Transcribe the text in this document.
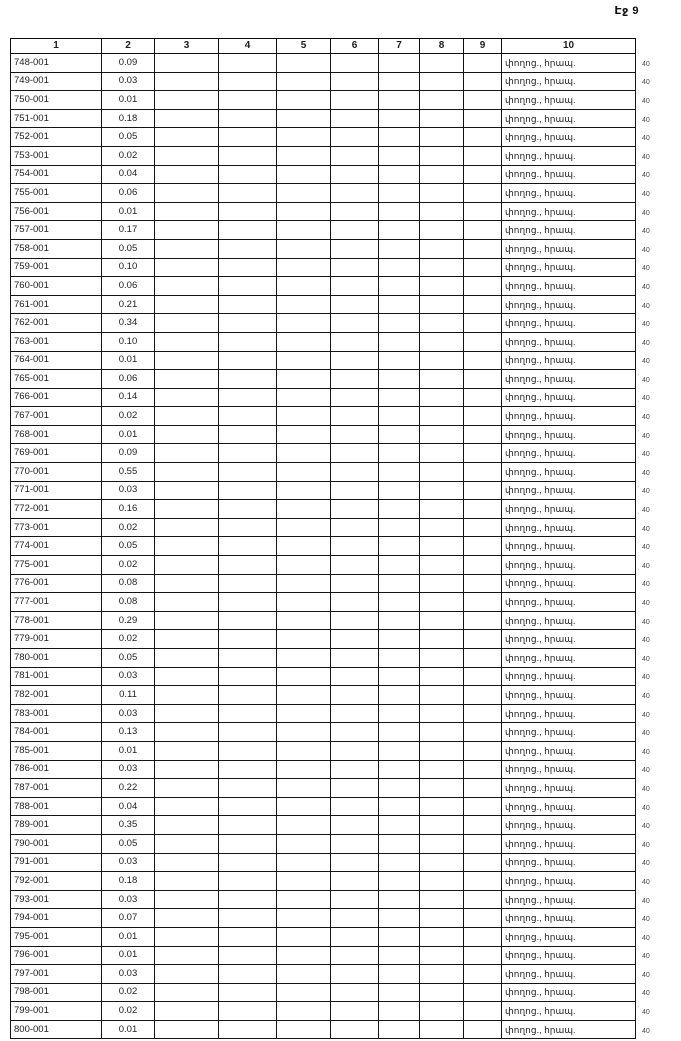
Էջ 9
1	2	3	4	5	6	7	8	9	10	
748-001	0.09								փողոց., հրապ.	40
749-001	0.03								փողոց., հրապ.	40
750-001	0.01								փողոց., հրապ.	40
751-001	0.18								փողոց., հրապ.	40
752-001	0.05								փողոց., հրապ.	40
753-001	0.02								փողոց., հրապ.	40
754-001	0.04								փողոց., հրապ.	40
755-001	0.06								փողոց., հրապ.	40
756-001	0.01								փողոց., հրապ.	40
757-001	0.17								փողոց., հրապ.	40
758-001	0.05								փողոց., հրապ.	40
759-001	0.10								փողոց., հրապ.	40
760-001	0.06								փողոց., հրապ.	40
761-001	0.21								փողոց., հրապ.	40
762-001	0.34								փողոց., հրապ.	40
763-001	0.10								փողոց., հրապ.	40
764-001	0.01								փողոց., հրապ.	40
765-001	0.06								փողոց., հրապ.	40
766-001	0.14								փողոց., հրապ.	40
767-001	0.02								փողոց., հրապ.	40
768-001	0.01								փողոց., հրապ.	40
769-001	0.09								փողոց., հրապ.	40
770-001	0.55								փողոց., հրապ.	40
771-001	0.03								փողոց., հրապ.	40
772-001	0.16								փողոց., հրապ.	40
773-001	0.02								փողոց., հրապ.	40
774-001	0.05								փողոց., հրապ.	40
775-001	0.02								փողոց., հրապ.	40
776-001	0.08								փողոց., հրապ.	40
777-001	0.08								փողոց., հրապ.	40
778-001	0.29								փողոց., հրապ.	40
779-001	0.02								փողոց., հրապ.	40
780-001	0.05								փողոց., հրապ.	40
781-001	0.03								փողոց., հրապ.	40
782-001	0.11								փողոց., հրապ.	40
783-001	0.03								փողոց., հրապ.	40
784-001	0.13								փողոց., հրապ.	40
785-001	0.01								փողոց., հրապ.	40
786-001	0.03								փողոց., հրապ.	40
787-001	0.22								փողոց., հրապ.	40
788-001	0.04								փողոց., հրապ.	40
789-001	0.35								փողոց., հրապ.	40
790-001	0.05								փողոց., հրապ.	40
791-001	0.03								փողոց., հրապ.	40
792-001	0.18								փողոց., հրապ.	40
793-001	0.03								փողոց., հրապ.	40
794-001	0.07								փողոց., հրապ.	40
795-001	0.01								փողոց., հրապ.	40
796-001	0.01								փողոց., հրապ.	40
797-001	0.03								փողոց., հրապ.	40
798-001	0.02								փողոց., հրապ.	40
799-001	0.02								փողոց., հրապ.	40
800-001	0.01								փողոց., հրապ.	40
